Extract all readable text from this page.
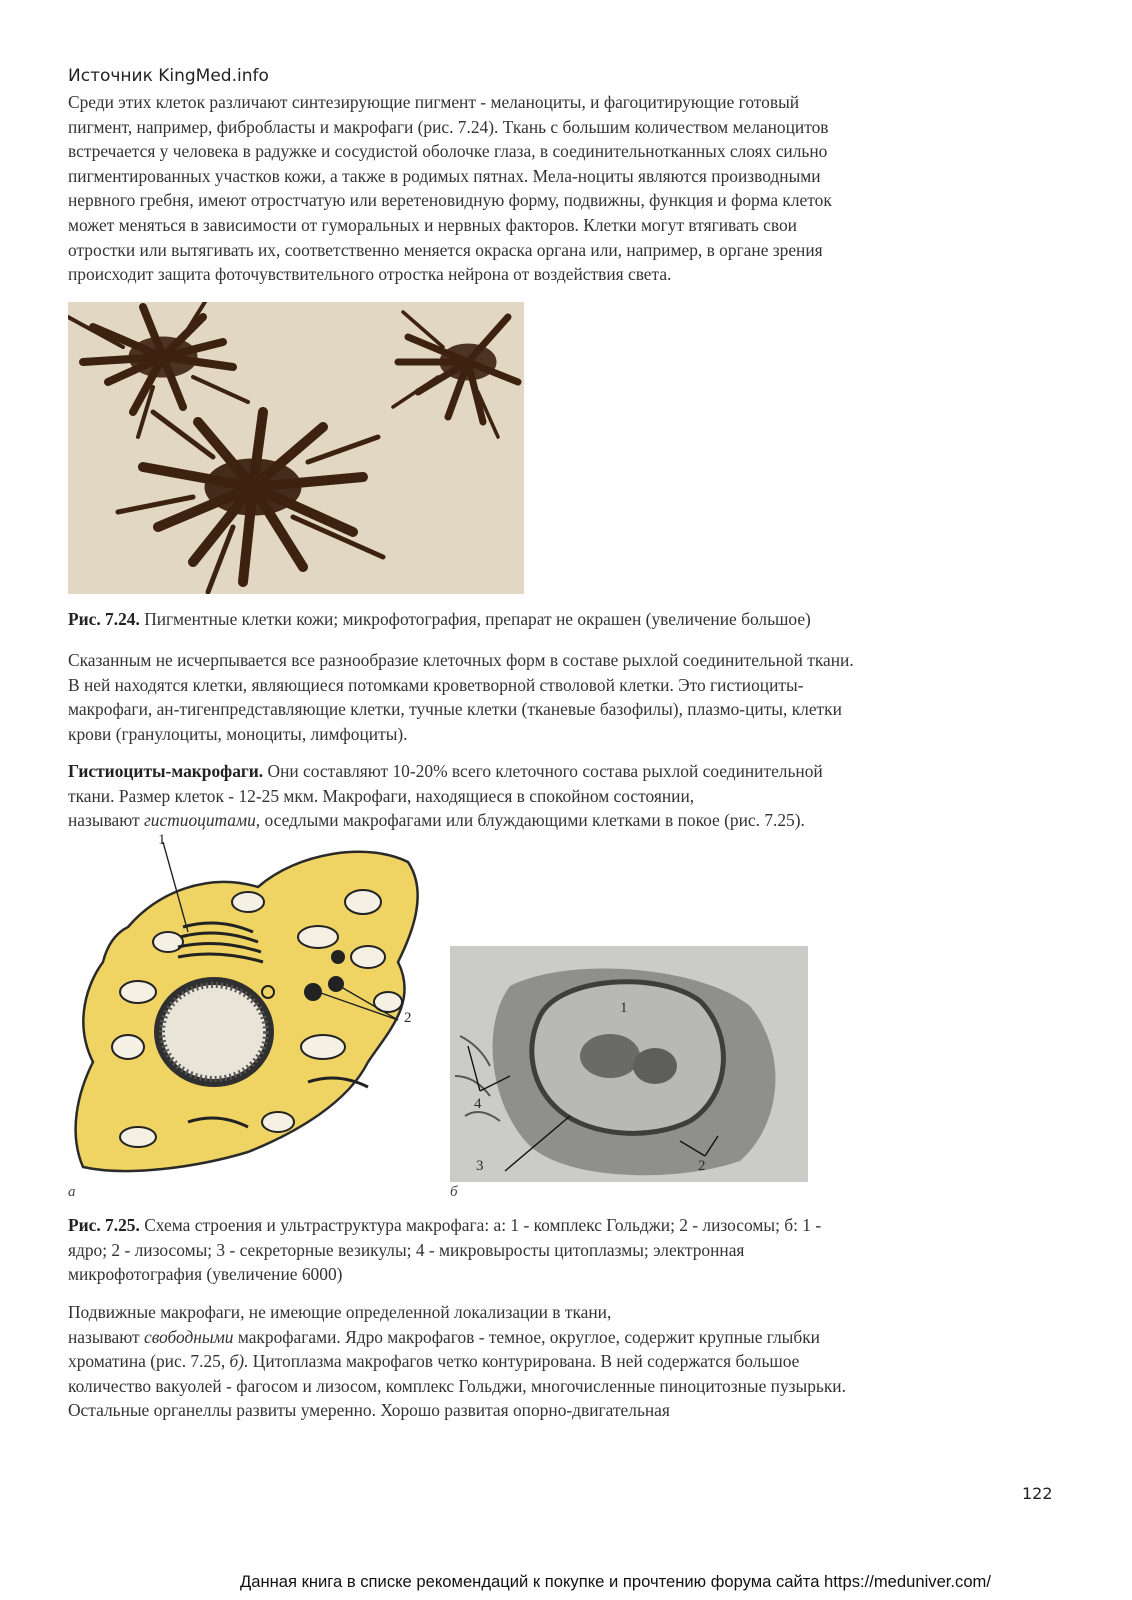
Источник KingMed.info

Среди этих клеток различают синтезирующие пигмент - меланоциты, и фагоцитирующие готовый
пигмент, например, фибробласты и макрофаги (рис. 7.24). Ткань с большим количеством меланоцитов
встречается у человека в радужке и сосудистой оболочке глаза, в соединительнотканных слоях сильно
пигментированных участков кожи, а также в родимых пятнах. Мела-ноциты являются производными
нервного гребня, имеют отростчатую или веретеновидную форму, подвижны, функция и форма клеток
может меняться в зависимости от гуморальных и нервных факторов. Клетки могут втягивать свои
отростки или вытягивать их, соответственно меняется окраска органа или, например, в органе зрения
происходит защита фоточувствительного отростка нейрона от воздействия света.

Рис. 7.24. Пигментные клетки кожи; микрофотография, препарат не окрашен (увеличение большое)

Сказанным не исчерпывается все разнообразие клеточных форм в составе рыхлой соединительной ткани.
В ней находятся клетки, являющиеся потомками кроветворной стволовой клетки. Это гистиоциты-
макрофаги, ан-тигенпредставляющие клетки, тучные клетки (тканевые базофилы), плазмо-циты, клетки
крови (гранулоциты, моноциты, лимфоциты).

Гистиоциты-макрофаги. Они составляют 10-20% всего клеточного состава рыхлой соединительной
ткани. Размер клеток - 12-25 мкм. Макрофаги, находящиеся в спокойном состоянии,
называют гистиоцитами, оседлыми макрофагами или блуждающими клетками в покое (рис. 7.25).

1
2
а
1
2
3
4
б

Рис. 7.25. Схема строения и ультраструктура макрофага: а: 1 - комплекс Гольджи; 2 - лизосомы; б: 1 -
ядро; 2 - лизосомы; 3 - секреторные везикулы; 4 - микровыросты цитоплазмы; электронная
микрофотография (увеличение 6000)

Подвижные макрофаги, не имеющие определенной локализации в ткани,
называют свободными макрофагами. Ядро макрофагов - темное, округлое, содержит крупные глыбки
хроматина (рис. 7.25, б). Цитоплазма макрофагов четко контурирована. В ней содержатся большое
количество вакуолей - фагосом и лизосом, комплекс Гольджи, многочисленные пиноцитозные пузырьки.
Остальные органеллы развиты умеренно. Хорошо развитая опорно-двигательная

122
Данная книга в списке рекомендаций к покупке и прочтению форума сайта https://meduniver.com/
